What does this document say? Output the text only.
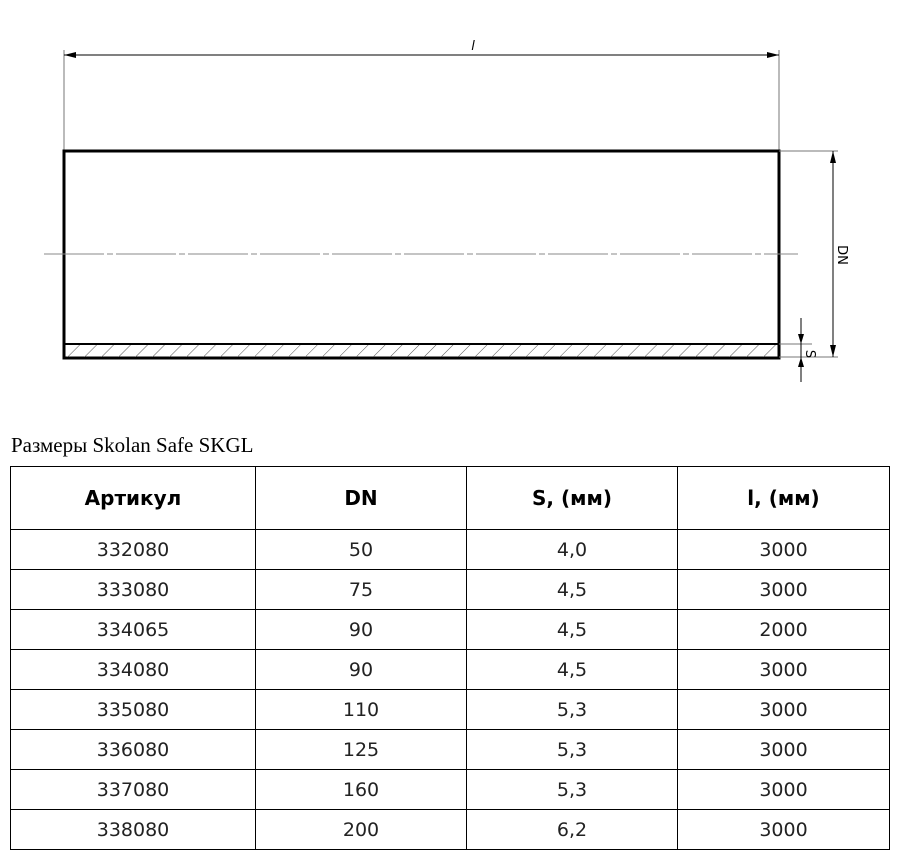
l
DN
S
Размеры Skolan Safe SKGL
Артикул	DN	S, (мм)	l, (мм)
332080	50	4,0	3000
333080	75	4,5	3000
334065	90	4,5	2000
334080	90	4,5	3000
335080	110	5,3	3000
336080	125	5,3	3000
337080	160	5,3	3000
338080	200	6,2	3000
